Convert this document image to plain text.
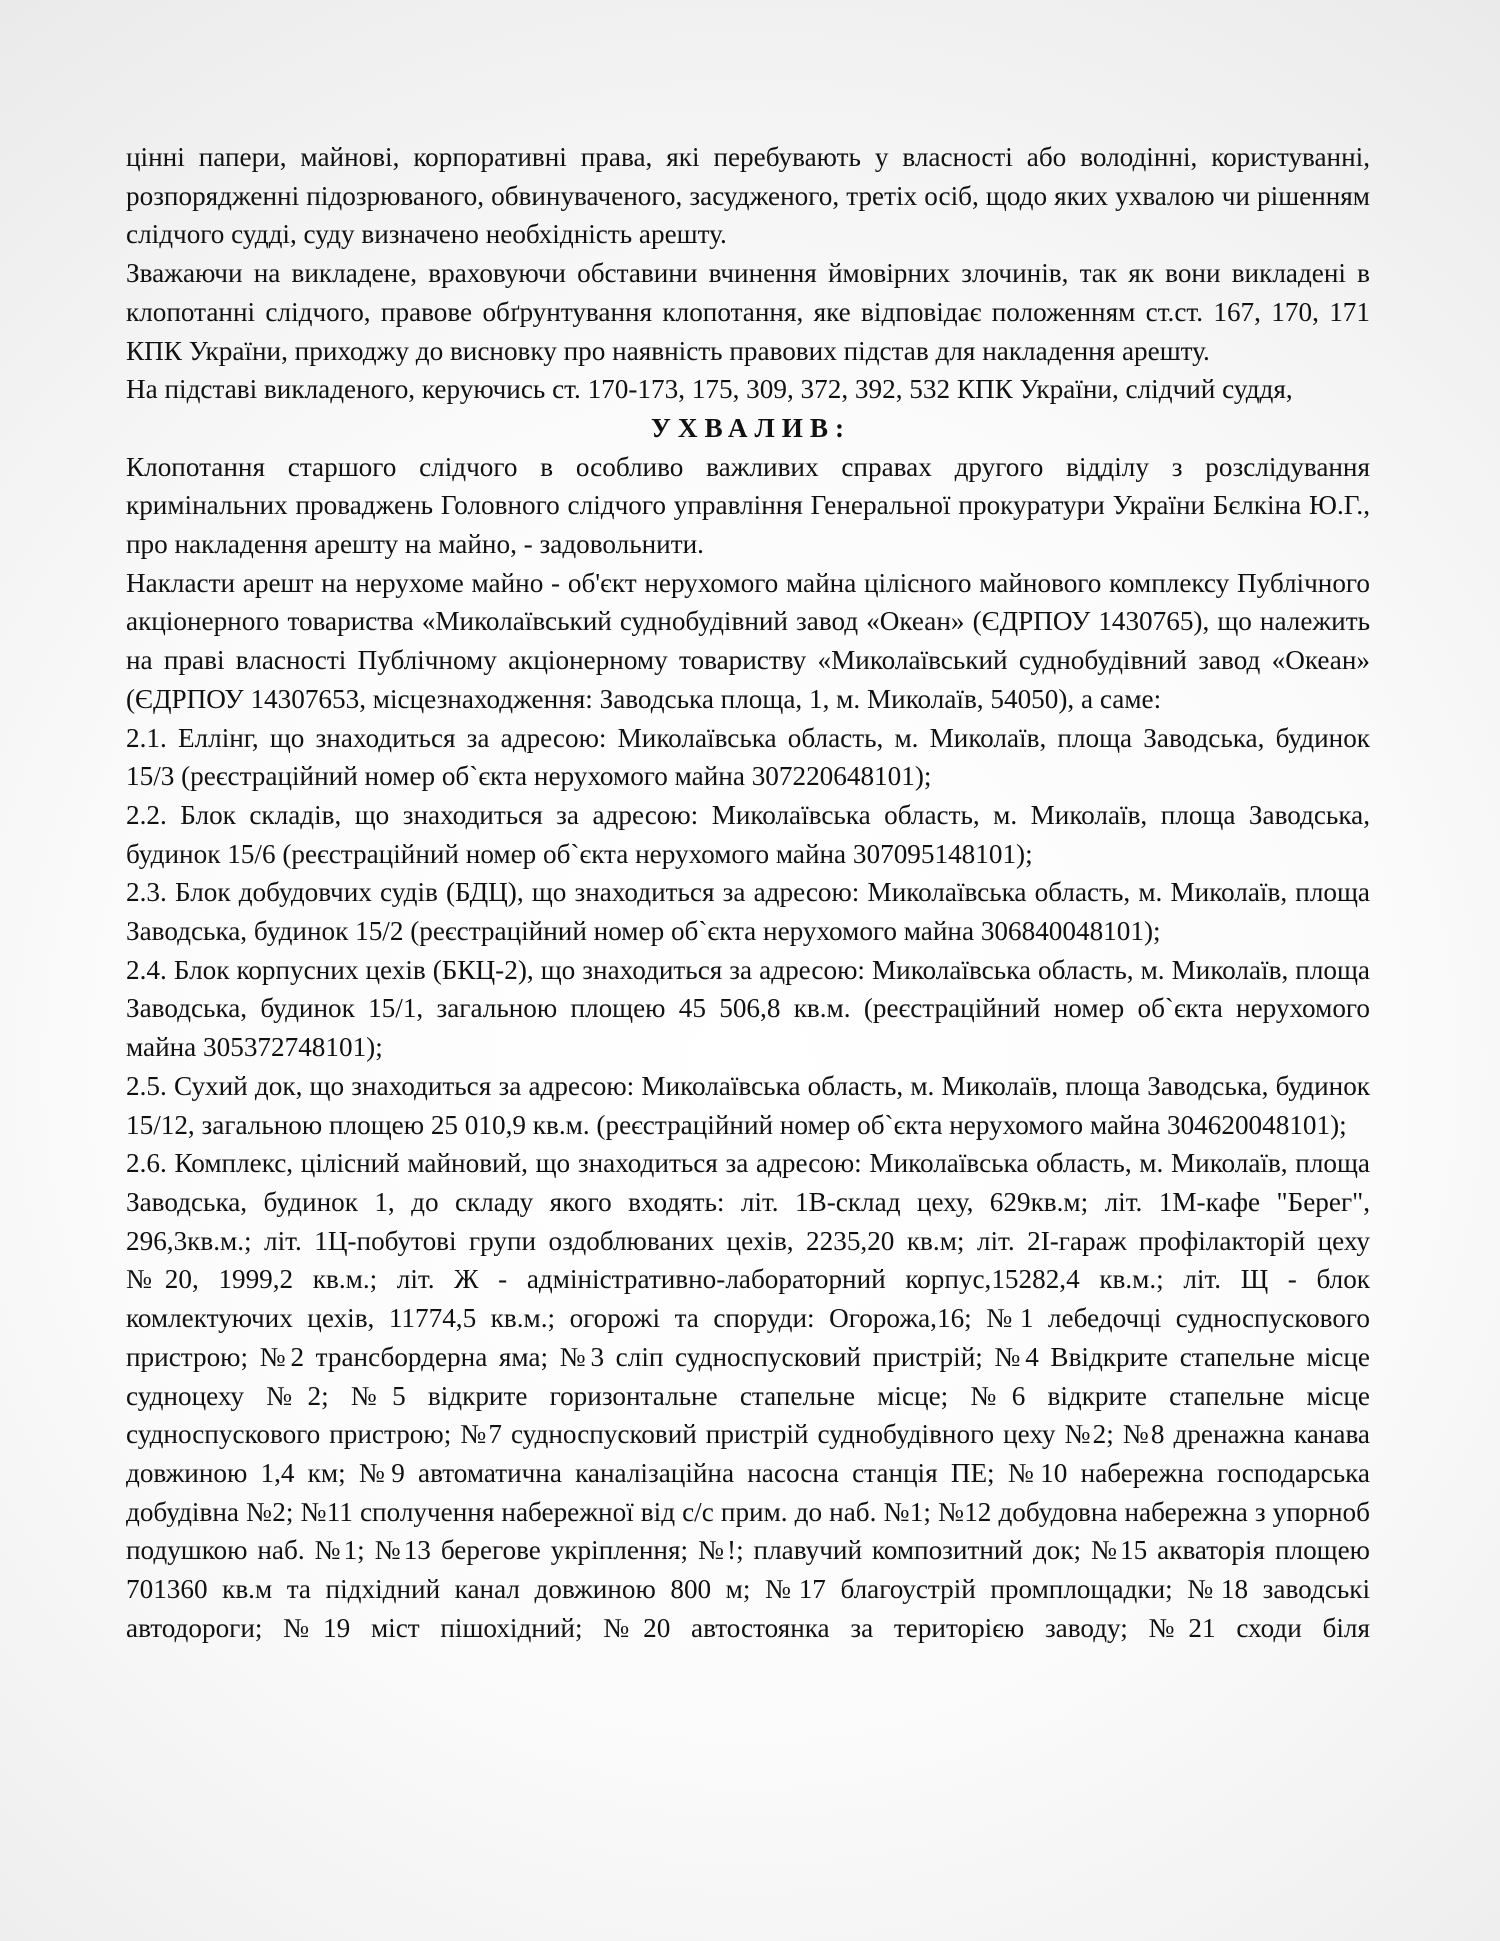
цінні папери, майнові, корпоративні права, які перебувають у власності або володінні, користуванні, розпорядженні підозрюваного, обвинуваченого, засудженого, третіх осіб, щодо яких ухвалою чи рішенням слідчого судді, суду визначено необхідність арешту.

Зважаючи на викладене, враховуючи обставини вчинення ймовірних злочинів, так як вони викладені в клопотанні слідчого, правове обґрунтування клопотання, яке відповідає положенням ст.ст. 167, 170, 171 КПК України, приходжу до висновку про наявність правових підстав для накладення арешту.

На підставі викладеного, керуючись ст. 170-173, 175, 309, 372, 392, 532 КПК України, слідчий суддя,

УХВАЛИВ:

Клопотання старшого слідчого в особливо важливих справах другого відділу з розслідування кримінальних проваджень Головного слідчого управління Генеральної прокуратури України Бєлкіна Ю.Г., про накладення арешту на майно, - задовольнити.

Накласти арешт на нерухоме майно - об'єкт нерухомого майна цілісного майнового комплексу Публічного акціонерного товариства «Миколаївський суднобудівний завод «Океан» (ЄДРПОУ 1430765), що належить на праві власності Публічному акціонерному товариству «Миколаївський суднобудівний завод «Океан» (ЄДРПОУ 14307653, місцезнаходження: Заводська площа, 1, м. Миколаїв, 54050), а саме:

2.1. Еллінг, що знаходиться за адресою: Миколаївська область, м. Миколаїв, площа Заводська, будинок 15/3 (реєстраційний номер об`єкта нерухомого майна 307220648101);

2.2. Блок складів, що знаходиться за адресою: Миколаївська область, м. Миколаїв, площа Заводська, будинок 15/6 (реєстраційний номер об`єкта нерухомого майна 307095148101);

2.3. Блок добудовчих судів (БДЦ), що знаходиться за адресою: Миколаївська область, м. Миколаїв, площа Заводська, будинок 15/2 (реєстраційний номер об`єкта нерухомого майна 306840048101);

2.4. Блок корпусних цехів (БКЦ-2), що знаходиться за адресою: Миколаївська область, м. Миколаїв, площа Заводська, будинок 15/1, загальною площею 45 506,8 кв.м. (реєстраційний номер об`єкта нерухомого майна 305372748101);

2.5. Сухий док, що знаходиться за адресою: Миколаївська область, м. Миколаїв, площа Заводська, будинок 15/12, загальною площею 25 010,9 кв.м. (реєстраційний номер об`єкта нерухомого майна 304620048101);

2.6. Комплекс, цілісний майновий, що знаходиться за адресою: Миколаївська область, м. Миколаїв, площа Заводська, будинок 1, до складу якого входять: літ. 1В-склад цеху, 629кв.м; літ. 1М-кафе "Берег", 296,3кв.м.; літ. 1Ц-побутові групи оздоблюваних цехів, 2235,20 кв.м; літ. 2І-гараж профілакторій цеху №20, 1999,2 кв.м.; літ. Ж - адміністративно-лабораторний корпус,15282,4 кв.м.; літ. Щ - блок комлектуючих цехів, 11774,5 кв.м.; огорожі та споруди: Огорожа,16; №1 лебедочці судноспускового пристрою; №2 трансбордерна яма; №3 сліп судноспусковий пристрій; №4 Ввідкрите стапельне місце судноцеху №2; №5 відкрите горизонтальне стапельне місце; №6 відкрите стапельне місце судноспускового пристрою; №7 судноспусковий пристрій суднобудівного цеху №2; №8 дренажна канава довжиною 1,4 км; №9 автоматична каналізаційна насосна станція ПЕ; №10 набережна господарська добудівна №2; №11 сполучення набережної від с/с прим. до наб. №1; №12 добудовна набережна з упорноб подушкою наб. №1; №13 берегове укріплення; №!; плавучий композитний док; №15 акваторія площею 701360 кв.м та підхідний канал довжиною 800 м; №17 благоустрій промплощадки; №18 заводські автодороги; №19 міст пішохідний; №20 автостоянка за територією заводу; №21 сходи біля
